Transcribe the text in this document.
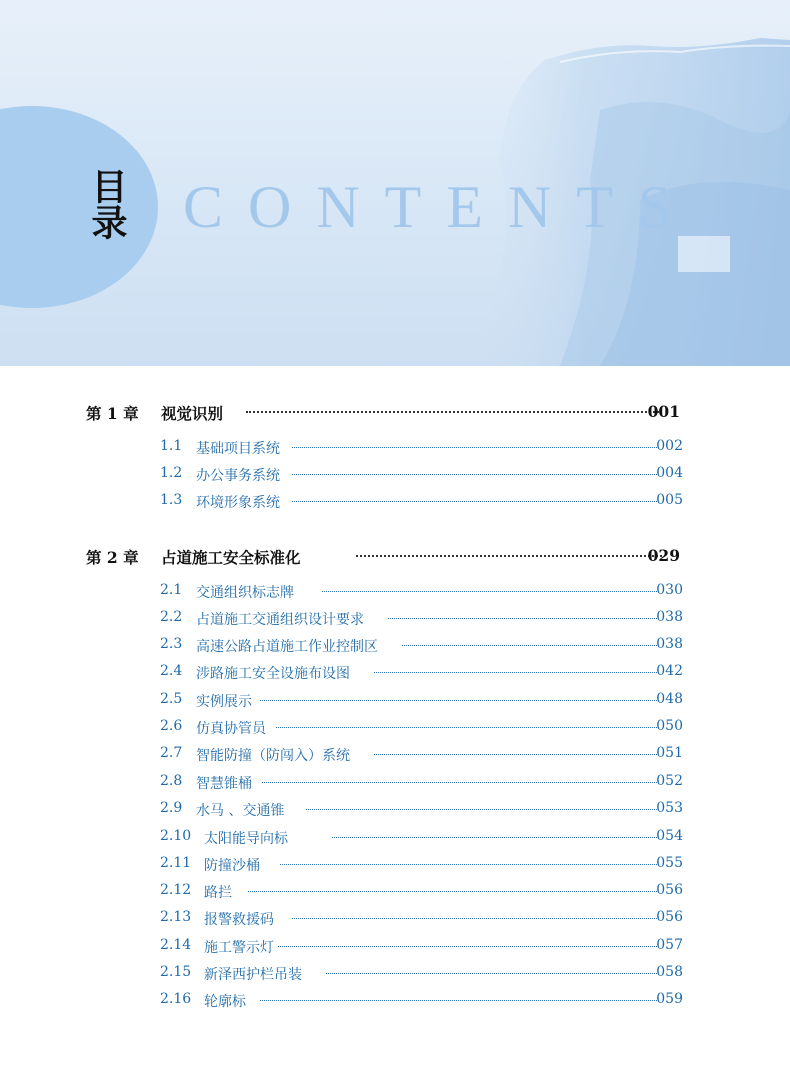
目录 CONTENTS
第 1 章 视觉识别	001
1.1 基础项目系统	002
1.2 办公事务系统	004
1.3 环境形象系统	005
第 2 章 占道施工安全标准化	029
2.1 交通组织标志牌	030
2.2 占道施工交通组织设计要求	038
2.3 高速公路占道施工作业控制区	038
2.4 涉路施工安全设施布设图	042
2.5 实例展示	048
2.6 仿真协管员	050
2.7 智能防撞（防闯入）系统	051
2.8 智慧锥桶	052
2.9 水马 、交通锥	053
2.10 太阳能导向标	054
2.11 防撞沙桶	055
2.12 路拦	056
2.13 报警救援码	056
2.14 施工警示灯	057
2.15 新泽西护栏吊装	058
2.16 轮廓标	059
